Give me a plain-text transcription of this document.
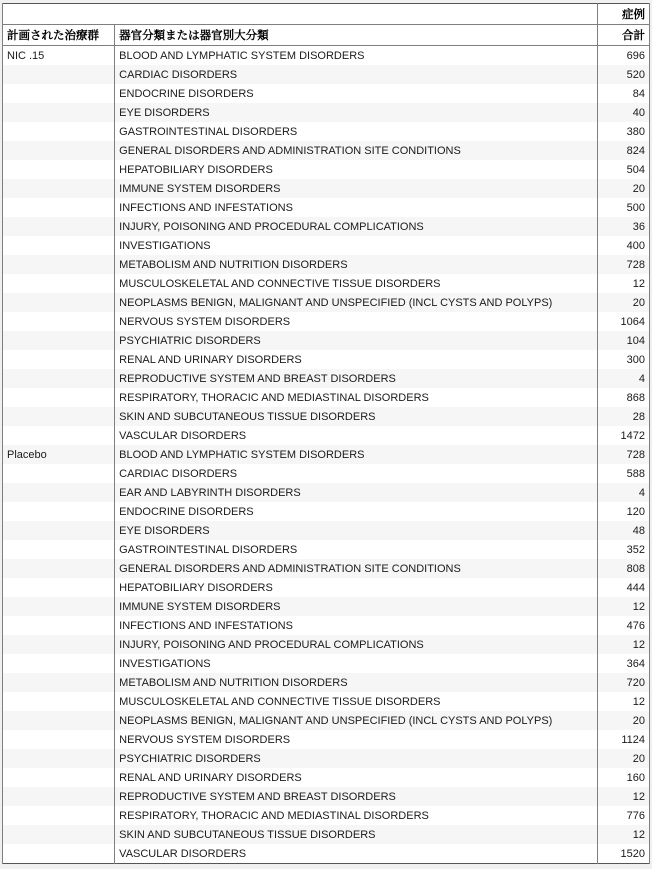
		症例
計画された治療群	器官分類または器官別大分類	合計
NIC .15	BLOOD AND LYMPHATIC SYSTEM DISORDERS	696
	CARDIAC DISORDERS	520
	ENDOCRINE DISORDERS	84
	EYE DISORDERS	40
	GASTROINTESTINAL DISORDERS	380
	GENERAL DISORDERS AND ADMINISTRATION SITE CONDITIONS	824
	HEPATOBILIARY DISORDERS	504
	IMMUNE SYSTEM DISORDERS	20
	INFECTIONS AND INFESTATIONS	500
	INJURY, POISONING AND PROCEDURAL COMPLICATIONS	36
	INVESTIGATIONS	400
	METABOLISM AND NUTRITION DISORDERS	728
	MUSCULOSKELETAL AND CONNECTIVE TISSUE DISORDERS	12
	NEOPLASMS BENIGN, MALIGNANT AND UNSPECIFIED (INCL CYSTS AND POLYPS)	20
	NERVOUS SYSTEM DISORDERS	1064
	PSYCHIATRIC DISORDERS	104
	RENAL AND URINARY DISORDERS	300
	REPRODUCTIVE SYSTEM AND BREAST DISORDERS	4
	RESPIRATORY, THORACIC AND MEDIASTINAL DISORDERS	868
	SKIN AND SUBCUTANEOUS TISSUE DISORDERS	28
	VASCULAR DISORDERS	1472
Placebo	BLOOD AND LYMPHATIC SYSTEM DISORDERS	728
	CARDIAC DISORDERS	588
	EAR AND LABYRINTH DISORDERS	4
	ENDOCRINE DISORDERS	120
	EYE DISORDERS	48
	GASTROINTESTINAL DISORDERS	352
	GENERAL DISORDERS AND ADMINISTRATION SITE CONDITIONS	808
	HEPATOBILIARY DISORDERS	444
	IMMUNE SYSTEM DISORDERS	12
	INFECTIONS AND INFESTATIONS	476
	INJURY, POISONING AND PROCEDURAL COMPLICATIONS	12
	INVESTIGATIONS	364
	METABOLISM AND NUTRITION DISORDERS	720
	MUSCULOSKELETAL AND CONNECTIVE TISSUE DISORDERS	12
	NEOPLASMS BENIGN, MALIGNANT AND UNSPECIFIED (INCL CYSTS AND POLYPS)	20
	NERVOUS SYSTEM DISORDERS	1124
	PSYCHIATRIC DISORDERS	20
	RENAL AND URINARY DISORDERS	160
	REPRODUCTIVE SYSTEM AND BREAST DISORDERS	12
	RESPIRATORY, THORACIC AND MEDIASTINAL DISORDERS	776
	SKIN AND SUBCUTANEOUS TISSUE DISORDERS	12
	VASCULAR DISORDERS	1520
